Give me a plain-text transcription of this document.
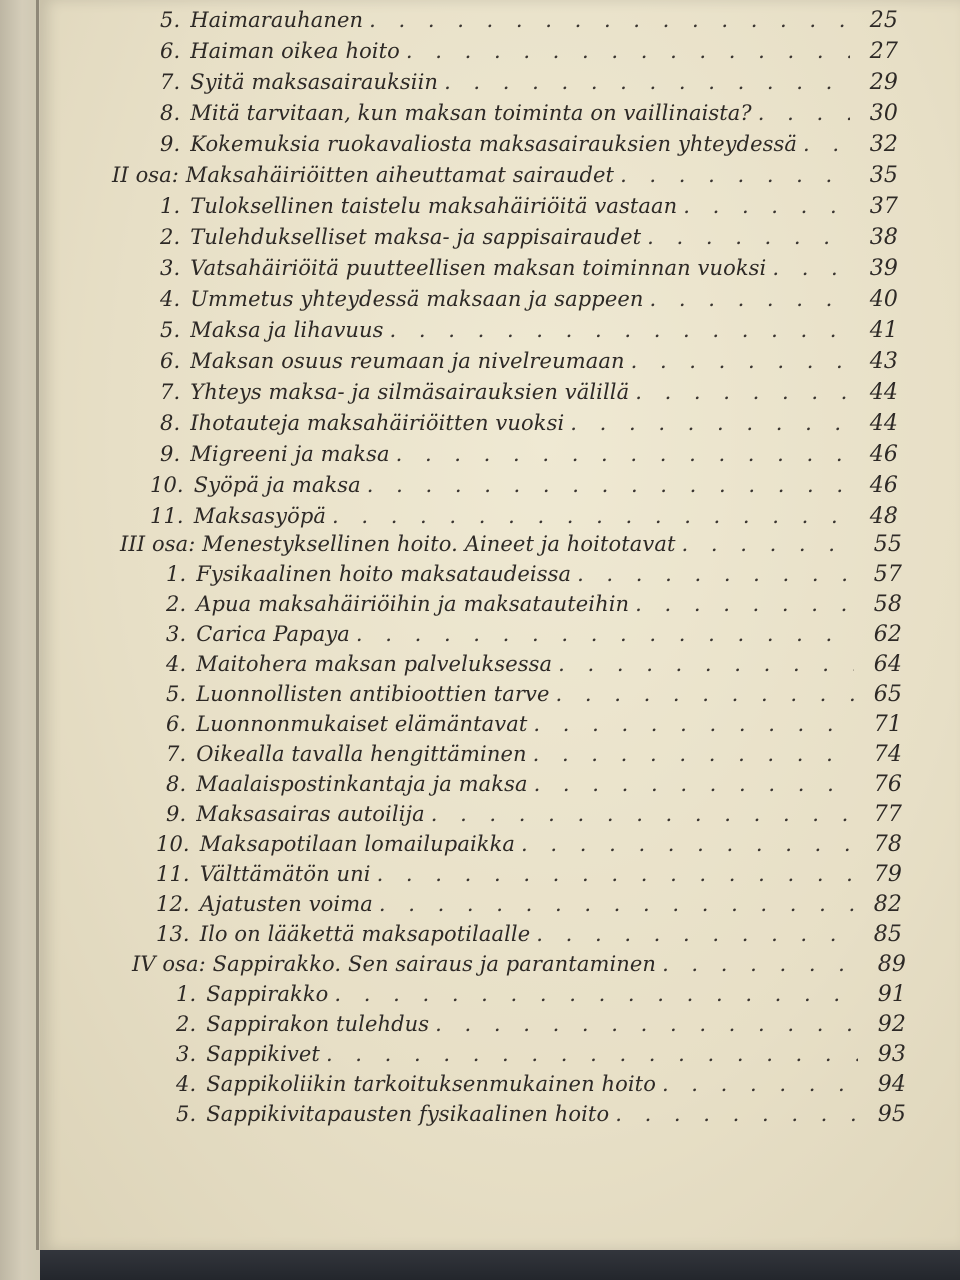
5. Haimarauhanen . . .	25
6. Haiman oikea hoito . . .	27
7. Syitä maksasairauksiin . . .	29
8. Mitä tarvitaan, kun maksan toiminta on vaillinaista? . . .	30
9. Kokemuksia ruokavaliosta maksasairauksien yhteydessä . . .	32
II osa: Maksahäiriöitten aiheuttamat sairaudet . . .	35
1. Tuloksellinen taistelu maksahäiriöitä vastaan . . .	37
2. Tulehdukselliset maksa- ja sappisairaudet . . .	38
3. Vatsahäiriöitä puutteellisen maksan toiminnan vuoksi . . .	39
4. Ummetus yhteydessä maksaan ja sappeen . . .	40
5. Maksa ja lihavuus . . .	41
6. Maksan osuus reumaan ja nivelreumaan . . .	43
7. Yhteys maksa- ja silmäsairauksien välillä . . .	44
8. Ihotauteja maksahäiriöitten vuoksi . . .	44
9. Migreeni ja maksa . . .	46
10. Syöpä ja maksa . . .	46
11. Maksasyöpä . . .	48
III osa: Menestyksellinen hoito. Aineet ja hoitotavat . . .	55
1. Fysikaalinen hoito maksataudeissa . . .	57
2. Apua maksahäiriöihin ja maksatauteihin . . .	58
3. Carica Papaya . . .	62
4. Maitohera maksan palveluksessa . . .	64
5. Luonnollisten antibioottien tarve . . .	65
6. Luonnonmukaiset elämäntavat . . .	71
7. Oikealla tavalla hengittäminen . . .	74
8. Maalaispostinkantaja ja maksa . . .	76
9. Maksasairas autoilija . . .	77
10. Maksapotilaan lomailupaikka . . .	78
11. Välttämätön uni . . .	79
12. Ajatusten voima . . .	82
13. Ilo on lääkettä maksapotilaalle . . .	85
IV osa: Sappirakko. Sen sairaus ja parantaminen . . .	89
1. Sappirakko . . .	91
2. Sappirakon tulehdus . . .	92
3. Sappikivet . . .	93
4. Sappikoliikin tarkoituksenmukainen hoito . . .	94
5. Sappikivitapausten fysikaalinen hoito . . .	95
